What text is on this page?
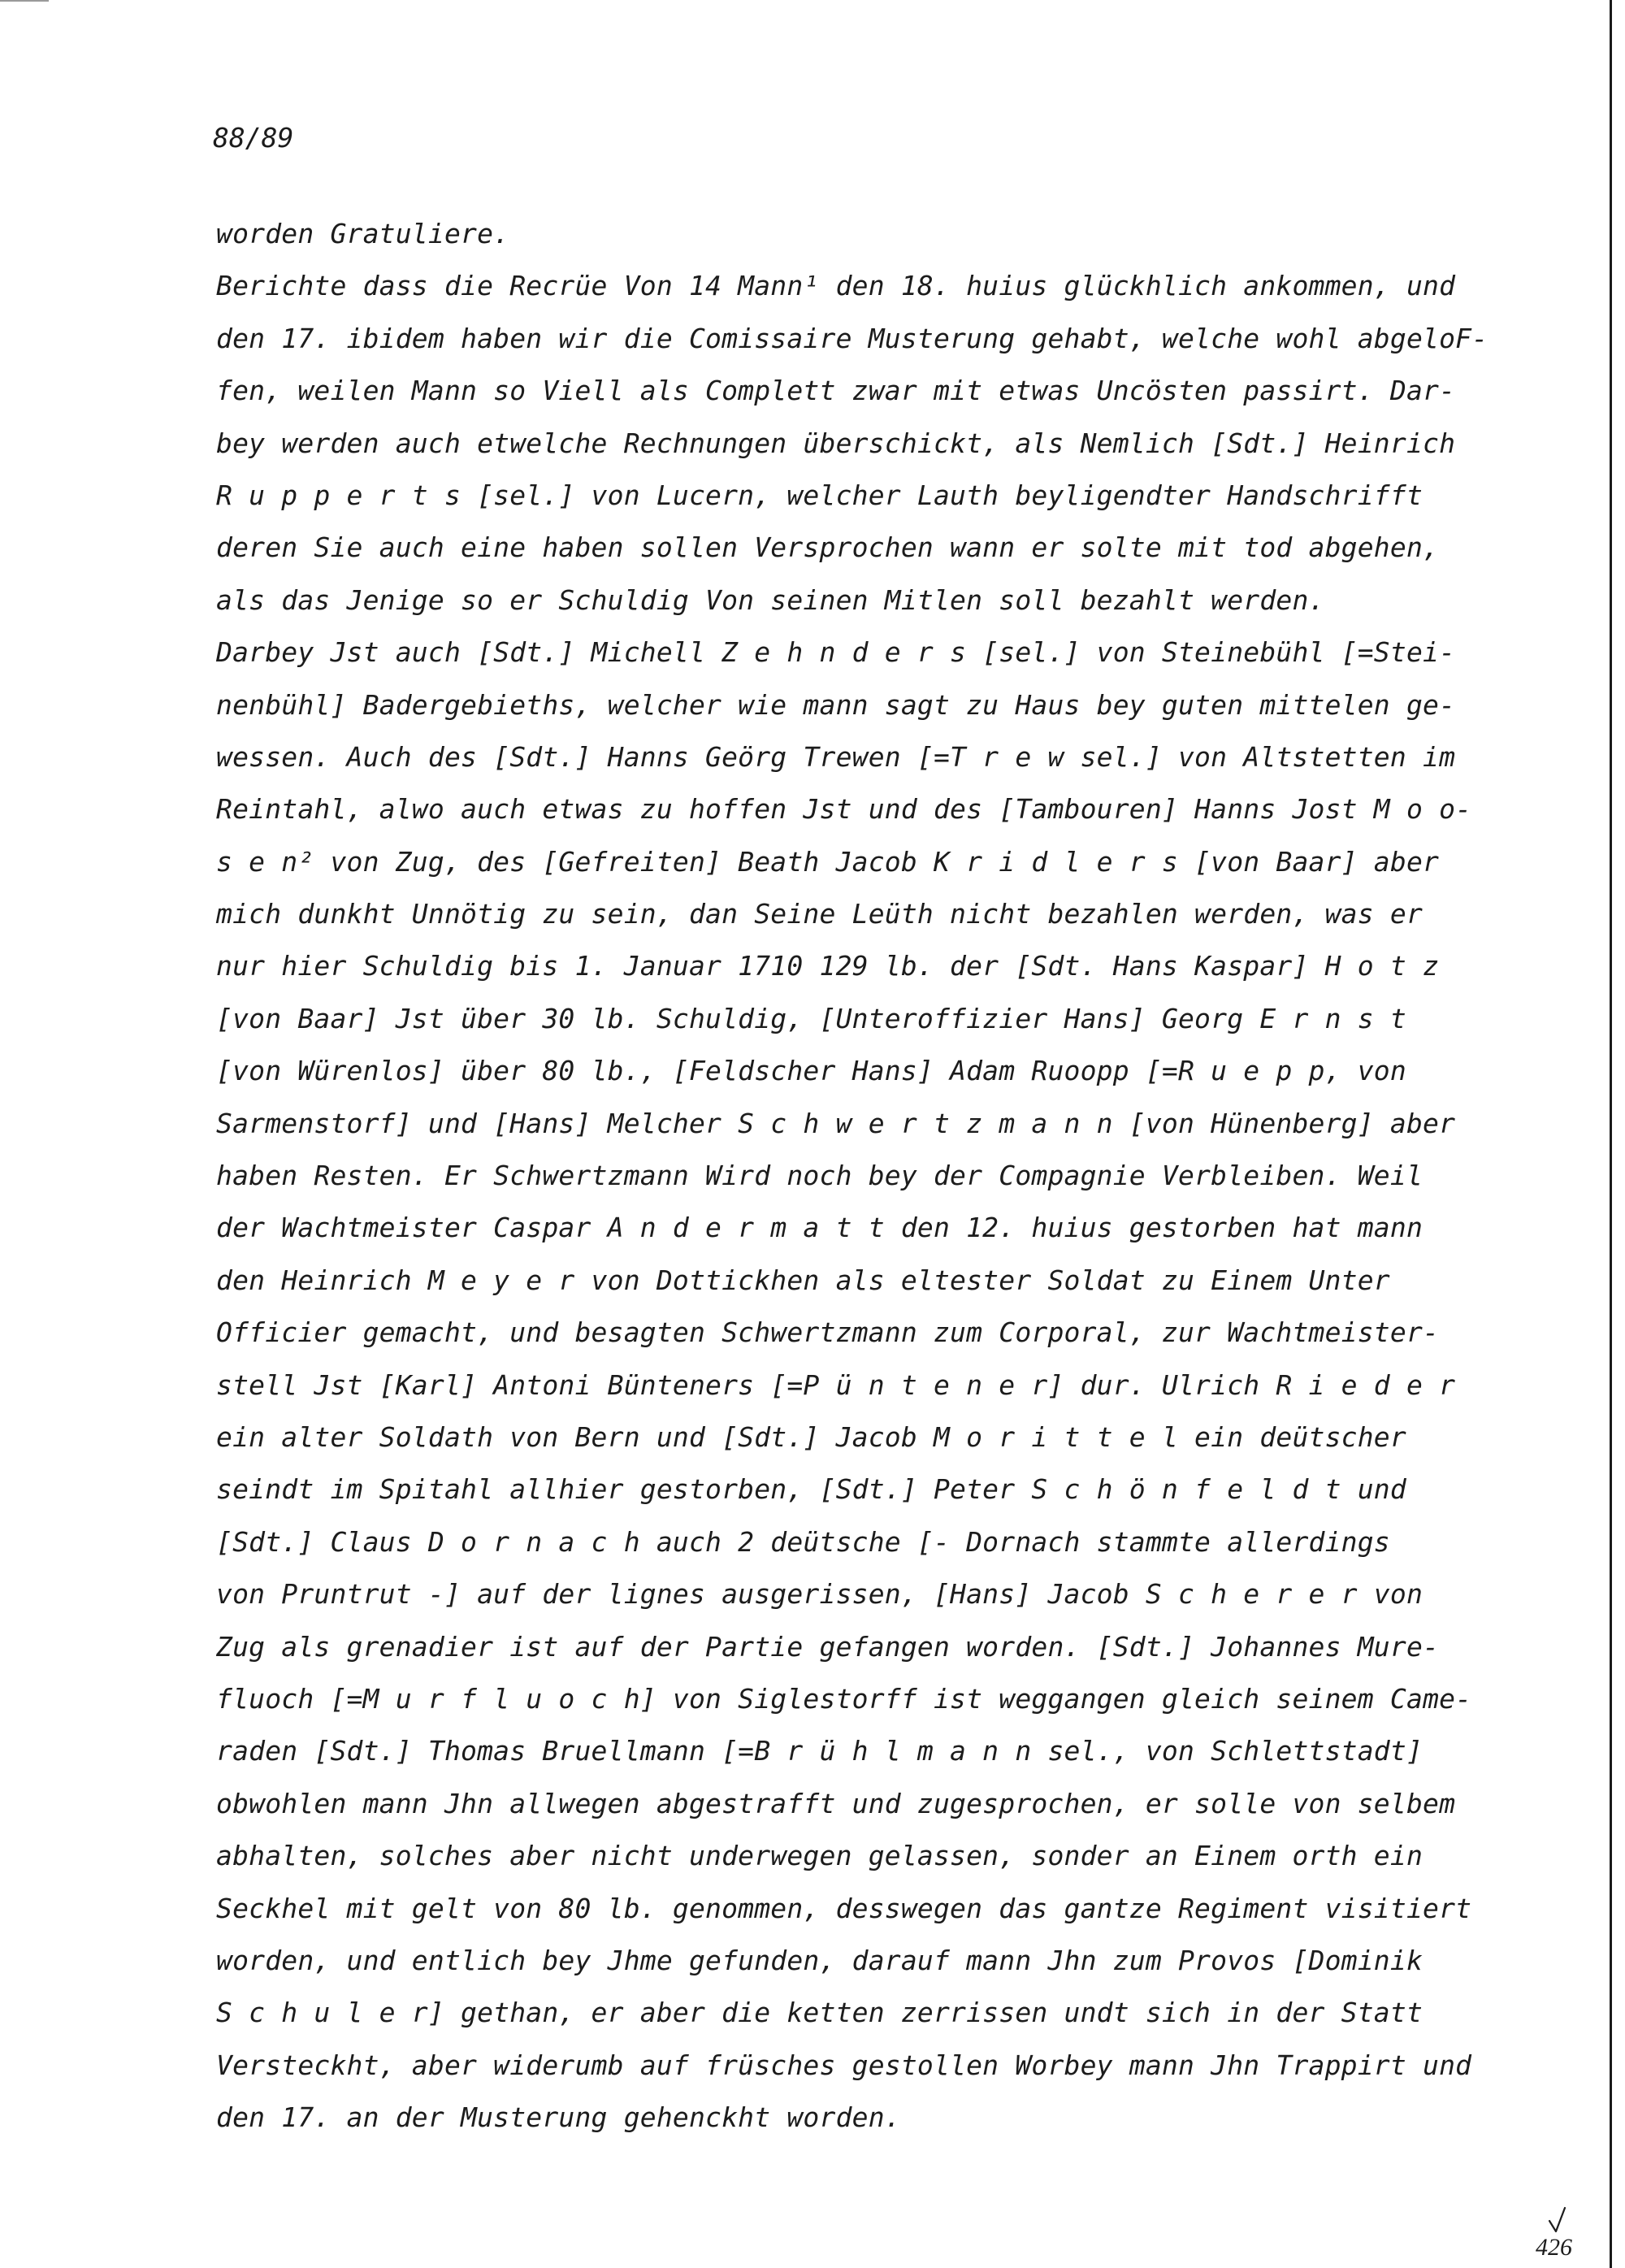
88/89

worden Gratuliere.
Berichte dass die Recrüe Von 14 Mann¹ den 18. huius glückhlich ankommen, und
den 17. ibidem haben wir die Comissaire Musterung gehabt, welche wohl abgeloF-
fen, weilen Mann so Viell als Complett zwar mit etwas Uncösten passirt. Dar-
bey werden auch etwelche Rechnungen überschickt, als Nemlich [Sdt.] Heinrich
R u p p e r t s [sel.] von Lucern, welcher Lauth beyligendter Handschrifft
deren Sie auch eine haben sollen Versprochen wann er solte mit tod abgehen,
als das Jenige so er Schuldig Von seinen Mitlen soll bezahlt werden.
Darbey Jst auch [Sdt.] Michell Z e h n d e r s [sel.] von Steinebühl [=Stei-
nenbühl] Badergebieths, welcher wie mann sagt zu Haus bey guten mittelen ge-
wessen. Auch des [Sdt.] Hanns Geörg Trewen [=T r e w sel.] von Altstetten im
Reintahl, alwo auch etwas zu hoffen Jst und des [Tambouren] Hanns Jost M o o-
s e n² von Zug, des [Gefreiten] Beath Jacob K r i d l e r s [von Baar] aber
mich dunkht Unnötig zu sein, dan Seine Leüth nicht bezahlen werden, was er
nur hier Schuldig bis 1. Januar 1710 129 lb. der [Sdt. Hans Kaspar] H o t z
[von Baar] Jst über 30 lb. Schuldig, [Unteroffizier Hans] Georg E r n s t
[von Würenlos] über 80 lb., [Feldscher Hans] Adam Ruoopp [=R u e p p, von
Sarmenstorf] und [Hans] Melcher S c h w e r t z m a n n [von Hünenberg] aber
haben Resten. Er Schwertzmann Wird noch bey der Compagnie Verbleiben. Weil
der Wachtmeister Caspar A n d e r m a t t den 12. huius gestorben hat mann
den Heinrich M e y e r von Dottickhen als eltester Soldat zu Einem Unter
Officier gemacht, und besagten Schwertzmann zum Corporal, zur Wachtmeister-
stell Jst [Karl] Antoni Bünteners [=P ü n t e n e r] dur. Ulrich R i e d e r
ein alter Soldath von Bern und [Sdt.] Jacob M o r i t t e l ein deütscher
seindt im Spitahl allhier gestorben, [Sdt.] Peter S c h ö n f e l d t und
[Sdt.] Claus D o r n a c h auch 2 deütsche [- Dornach stammte allerdings
von Pruntrut -] auf der lignes ausgerissen, [Hans] Jacob S c h e r e r von
Zug als grenadier ist auf der Partie gefangen worden. [Sdt.] Johannes Mure-
fluoch [=M u r f l u o c h] von Siglestorff ist weggangen gleich seinem Came-
raden [Sdt.] Thomas Bruellmann [=B r ü h l m a n n sel., von Schlettstadt]
obwohlen mann Jhn allwegen abgestrafft und zugesprochen, er solle von selbem
abhalten, solches aber nicht underwegen gelassen, sonder an Einem orth ein
Seckhel mit gelt von 80 lb. genommen, desswegen das gantze Regiment visitiert
worden, und entlich bey Jhme gefunden, darauf mann Jhn zum Provos [Dominik
S c h u l e r] gethan, er aber die ketten zerrissen undt sich in der Statt
Versteckht, aber widerumb auf früsches gestollen Worbey mann Jhn Trappirt und
den 17. an der Musterung gehenckht worden.
426
